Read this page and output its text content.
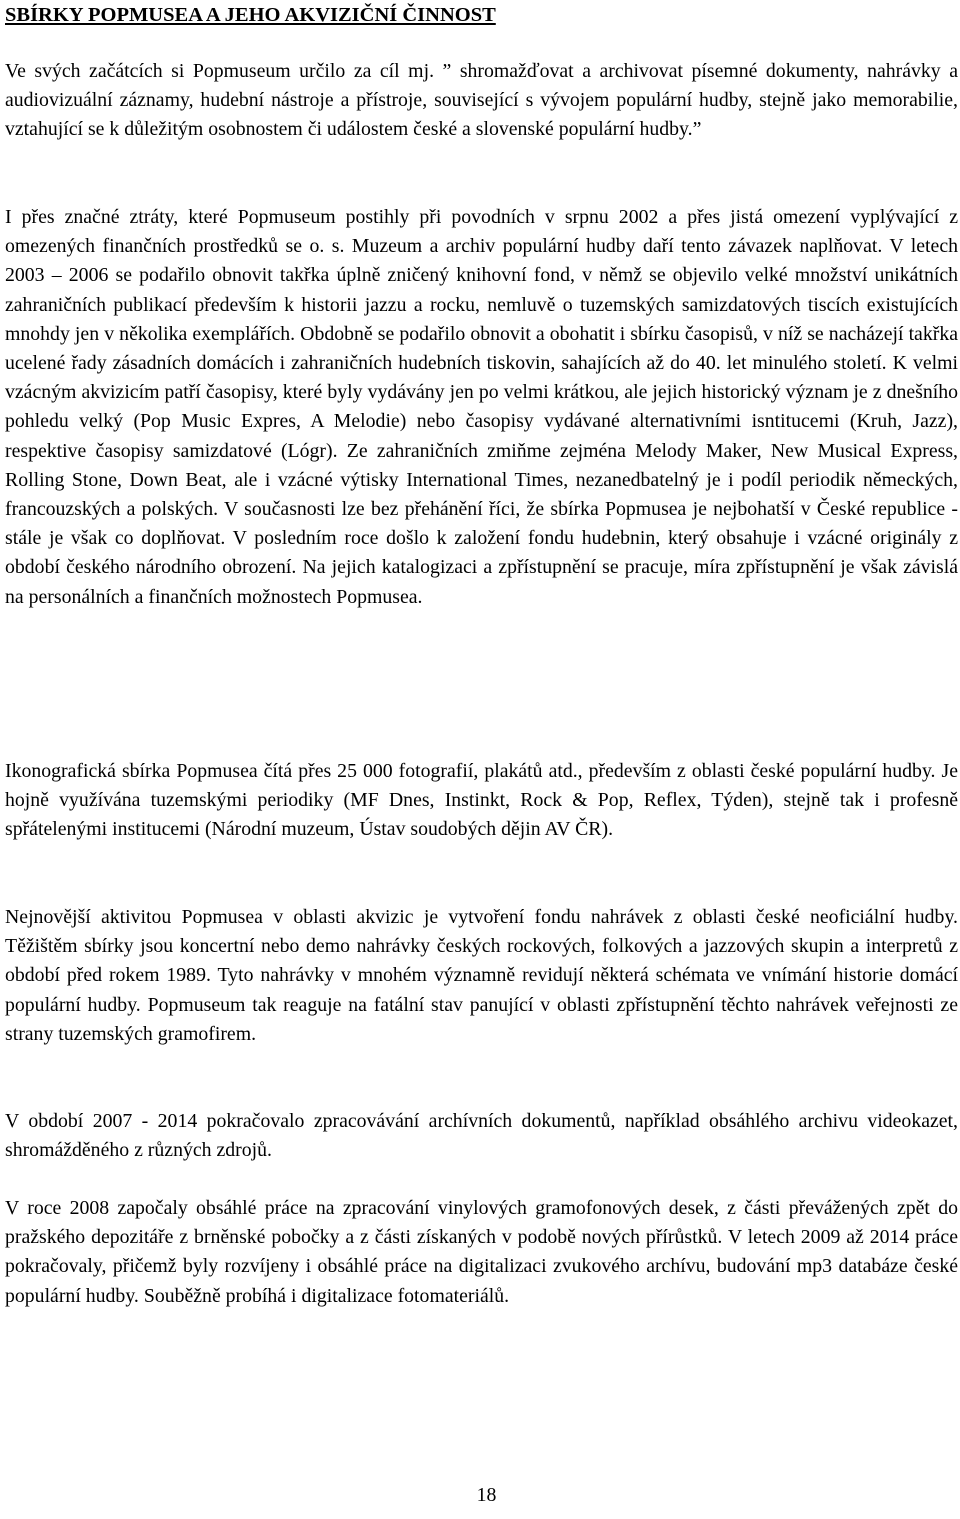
SBÍRKY POPMUSEA A JEHO AKVIZIČNÍ ČINNOST

Ve svých začátcích si Popmuseum určilo za cíl mj. ” shromažďovat a archivovat písemné dokumenty, nahrávky a audiovizuální záznamy, hudební nástroje a přístroje, související s vývojem populární hudby, stejně jako memorabilie, vztahující se k důležitým osobnostem či událostem české a slovenské populární hudby.”

I přes značné ztráty, které Popmuseum postihly při povodních v srpnu 2002 a přes jistá omezení vyplývající z omezených finančních prostředků se o. s. Muzeum a archiv populární hudby daří tento závazek naplňovat. V letech 2003 – 2006 se podařilo obnovit takřka úplně zničený knihovní fond, v němž se objevilo velké množství unikátních zahraničních publikací především k historii jazzu a rocku, nemluvě o tuzemských samizdatových tiscích existujících mnohdy jen v několika exemplářích. Obdobně se podařilo obnovit a obohatit i sbírku časopisů, v níž se nacházejí takřka ucelené řady zásadních domácích i zahraničních hudebních tiskovin, sahajících až do 40. let minulého století. K velmi vzácným akvizicím patří časopisy, které byly vydávány jen po velmi krátkou, ale jejich historický význam je z dnešního pohledu velký (Pop Music Expres, A Melodie) nebo časopisy vydávané alternativními isntitucemi (Kruh, Jazz), respektive časopisy samizdatové (Lógr). Ze zahraničních zmiňme zejména Melody Maker, New Musical Express, Rolling Stone, Down Beat, ale i vzácné výtisky International Times, nezanedbatelný je i podíl periodik německých, francouzských a polských. V současnosti lze bez přehánění říci, že sbírka Popmusea je nejbohatší v České republice - stále je však co doplňovat. V posledním roce došlo k založení fondu hudebnin, který obsahuje i vzácné originály z období českého národního obrození. Na jejich katalogizaci a zpřístupnění se pracuje, míra zpřístupnění je však závislá na personálních a finančních možnostech Popmusea.

Ikonografická sbírka Popmusea čítá přes 25 000 fotografií, plakátů atd., především z oblasti české populární hudby. Je hojně využívána tuzemskými periodiky (MF Dnes, Instinkt, Rock & Pop, Reflex, Týden), stejně tak i profesně spřátelenými institucemi (Národní muzeum, Ústav soudobých dějin AV ČR).

Nejnovější aktivitou Popmusea v oblasti akvizic je vytvoření fondu nahrávek z oblasti české neoficiální hudby. Těžištěm sbírky jsou koncertní nebo demo nahrávky českých rockových, folkových a jazzových skupin a interpretů z období před rokem 1989. Tyto nahrávky v mnohém významně revidují některá schémata ve vnímání historie domácí populární hudby. Popmuseum tak reaguje na fatální stav panující v oblasti zpřístupnění těchto nahrávek veřejnosti ze strany tuzemských gramofirem.

V období 2007 - 2014 pokračovalo zpracovávání archívních dokumentů, například obsáhlého archivu videokazet, shromážděného z různých zdrojů.

V roce 2008 započaly obsáhlé práce na zpracování vinylových gramofonových desek, z části převážených zpět do pražského depozitáře z brněnské pobočky a z části získaných v podobě nových přírůstků. V letech 2009 až 2014 práce pokračovaly, přičemž byly rozvíjeny i obsáhlé práce na digitalizaci zvukového archívu, budování mp3 databáze české populární hudby. Souběžně probíhá i digitalizace fotomateriálů.

18
